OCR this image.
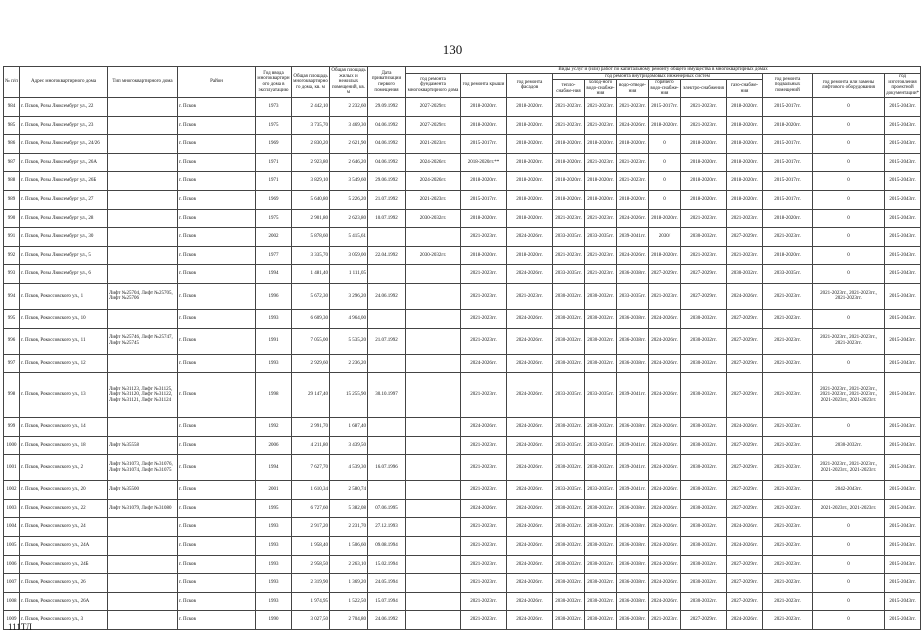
130
№ п/п	Адрес многоквартирного дома	Тип многоквартирного дома	Район	Год ввода многоквартирного дома в эксплуатацию	Общая площадь многоквартирного дома, кв. м	Общая площадь жилых и нежилых помещений, кв. м	Дата приватизации первого помещения	Виды услуг и (или) работ по капитальному ремонту общего имущества в многоквартирных домах											
								год ремонта фундамента многоквартирного дома	год ремонта крыши	год ремонта фасадов	год ремонта внутридомовых инженерных систем						год ремонта подвальных помещений	год ремонта или замены лифтового оборудования	год изготовления проектной документации*
											тепло-снабже-ния	холод-ного водо-снабже-ния	водо-отведе-ния	горячего водо-снабже-ния	электро-снабжения	газо-снабже-ния			
984	г. Псков, Розы Люксембург ул., 22		г. Псков	1973	2 442,10	2 232,60	29.09.1992	2027-2029гг.	2018-2020гг.	2018-2020гг.	2021-2023гг.	2021-2023гг.	2021-2023гг.	2015-2017гг.	2021-2023гг.	2018-2020гг.	2015-2017гг.	0	2015-2043гг.
985	г. Псков, Розы Люксембург ул., 23		г. Псков	1975	3 735,70	3 469,30	04.06.1992	2027-2029гг.	2018-2020гг.	2018-2020гг.	2021-2023гг.	2021-2023гг.	2024-2026гг.	2018-2020гг.	2021-2023гг.	2018-2020гг.	2018-2020гг.	0	2015-2043гг.
986	г. Псков, Розы Люксембург ул., 24/26		г. Псков	1969	2 830,20	2 621,90	04.06.1992	2021-2023гг.	2015-2017гг.	2018-2020гг.	2018-2020гг.	2018-2020гг.	2018-2020гг.	0	2018-2020гг.	2018-2020гг.	2015-2017гг.	0	2015-2043гг.
987	г. Псков, Розы Люксембург ул., 26А		г. Псков	1971	2 923,80	2 646,20	04.06.1992	2024-2026гг.	2018-2020гг.**	2018-2020гг.	2018-2020гг.	2021-2023гг.	2021-2023гг.	0	2018-2020гг.	2018-2020гг.	2015-2017гг.	0	2015-2043гг.
988	г. Псков, Розы Люксембург ул., 26Б		г. Псков	1971	3 829,10	3 549,60	29.06.1992	2024-2026гг.	2018-2020гг.	2018-2020гг.	2018-2020гг.	2018-2020гг.	2021-2023гг.	0	2018-2020гг.	2018-2020гг.	2015-2017гг.	0	2015-2043гг.
989	г. Псков, Розы Люксембург ул., 27		г. Псков	1969	5 640,80	5 226,20	21.07.1992	2021-2023гг.	2015-2017гг.	2018-2020гг.	2018-2020гг.	2018-2020гг.	2018-2020гг.	0	2018-2020гг.	2018-2020гг.	2015-2017гг.	0	2015-2043гг.
990	г. Псков, Розы Люксембург ул., 28		г. Псков	1975	2 901,80	2 623,80	10.07.1992	2030-2032гг.	2018-2020гг.	2018-2020гг.	2021-2023гг.	2021-2023гг.	2024-2026гг.	2018-2020гг.	2021-2023гг.	2021-2023гг.	2018-2020гг.	0	2015-2043гг.
991	г. Псков, Розы Люксембург ул., 30		г. Псков	2002	5 878,60	5 415,61			2021-2023гг.	2024-2026гг.	2033-2035гг.	2033-2035гг.	2039-2041гг.	2030/	2030-2032гг.	2027-2029гг.	2021-2023гг.	0	2015-2043гг.
992	г. Псков, Розы Люксембург ул., 5		г. Псков	1977	3 335,70	3 059,00	22.04.1992	2030-2032гг.	2018-2020гг.	2018-2020гг.	2021-2023гг.	2021-2023гг.	2024-2026гг.	2018-2020гг.	2021-2023гг.	2021-2023гг.	2018-2020гг.	0	2015-2043гг.
993	г. Псков, Розы Люксембург ул., 6		г. Псков	1994	1 481,40	1 111,05			2021-2023гг.	2024-2026гг.	2033-2035гг.	2021-2023гг.	2036-2038гг.	2027-2029гг.	2027-2029гг.	2030-2032гг.	2033-2035гг.	0	2015-2043гг.
994	г. Псков, Рокоссовского ул., 1	Лифт №25704, Лифт №25705, Лифт №25706	г. Псков	1996	5 672,30	3 296,20	24.06.1992		2021-2023гг.	2021-2023гг.	2030-2032гг.	2030-2032гг.	2033-2035гг.	2021-2023гг.	2027-2029гг.	2024-2026гг.	2021-2023гг.	2021-2023гг., 2021-2023гг., 2021-2023гг.	2015-2043гг.
995	г. Псков, Рокоссовского ул., 10		г. Псков	1993	6 609,30	4 964,00			2021-2023гг.	2024-2026гг.	2030-2032гг.	2030-2032гг.	2036-2038гг.	2024-2026гг.	2030-2032гг.	2027-2029гг.	2021-2023гг.	0	2015-2043гг.
996	г. Псков, Рокоссовского ул., 11	Лифт №25746, Лифт №25747, Лифт №25745	г. Псков	1991	7 055,00	5 535,20	21.07.1992		2021-2023гг.	2024-2026гг.	2030-2032гг.	2030-2032гг.	2036-2038гг.	2024-2026гг.	2030-2032гг.	2027-2029гг.	2021-2023гг.	2021-2023гг., 2021-2023гг., 2021-2023гг.	2015-2043гг.
997	г. Псков, Рокоссовского ул., 12		г. Псков	1993	2 929,60	2 236,20			2024-2026гг.	2024-2026гг.	2030-2032гг.	2030-2032гг.	2036-2038гг.	2024-2026гг.	2030-2032гг.	2027-2029гг.	2021-2023гг.	0	2015-2043гг.
998	г. Псков, Рокоссовского ул., 13	Лифт №31123, Лифт №31125, Лифт №31120, Лифт №31122, Лифт №31121, Лифт №31124	г. Псков	1998	29 147,40	15 255,90	30.10.1997		2021-2023гг.	2024-2026гг.	2033-2035гг.	2033-2035гг.	2039-2041гг.	2024-2026гг.	2030-2032гг.	2027-2029гг.	2021-2023гг.	2021-2023гг., 2021-2023гг., 2021-2023гг., 2021-2023гг., 2021-2023гг., 2021-2023гг.	2015-2043гг.
999	г. Псков, Рокоссовского ул., 14		г. Псков	1992	2 991,70	1 687,40			2024-2026гг.	2024-2026гг.	2030-2032гг.	2030-2032гг.	2036-2038гг.	2024-2026гг.	2030-2032гг.	2024-2026гг.	2021-2023гг.	0	2015-2043гг.
1000	г. Псков, Рокоссовского ул., 18	Лифт №35558	г. Псков	2006	4 211,80	3 439,50			2021-2023гг.	2024-2026гг.	2033-2035гг.	2033-2035гг.	2039-2041гг.	2024-2026гг.	2030-2032гг.	2027-2029гг.	2021-2023гг.	2030-2032гг.	2015-2043гг.
1001	г. Псков, Рокоссовского ул., 2	Лифт №31073, Лифт №31076, Лифт №31074, Лифт №31075	г. Псков	1994	7 627,70	4 539,30	16.07.1996		2021-2023гг.	2024-2026гг.	2030-2032гг.	2030-2032гг.	2039-2041гг.	2024-2026гг.	2030-2032гг.	2027-2029гг.	2021-2023гг.	2021-2023гг., 2021-2023гг., 2021-2023гг., 2021-2023гг.	2015-2043гг.
1002	г. Псков, Рокоссовского ул., 20	Лифт №35500	г. Псков	2001	1 610,34	2 580,74			2021-2023гг.	2024-2026гг.	2033-2035гг.	2033-2035гг.	2039-2041гг.	2024-2026гг.	2030-2032гг.	2027-2029гг.	2021-2023гг.	2042-2043гг.	2015-2043гг.
1003	г. Псков, Рокоссовского ул., 22	Лифт №31079, Лифт №31080	г. Псков	1995	6 727,60	5 382,08	07.06.1995		2024-2026гг.	2024-2026гг.	2030-2032гг.	2030-2032гг.	2036-2038гг.	2024-2026гг.	2030-2032гг.	2027-2029гг.	2021-2023гг.	2021-2023гг., 2021-2023гг.	2015-2043гг.
1004	г. Псков, Рокоссовского ул., 24		г. Псков	1993	2 917,20	2 231,70	27.12.1993		2021-2023гг.	2024-2026гг.	2030-2032гг.	2030-2032гг.	2036-2038гг.	2024-2026гг.	2030-2032гг.	2024-2026гг.	2021-2023гг.	0	2015-2043гг.
1005	г. Псков, Рокоссовского ул., 24А		г. Псков	1993	1 958,40	1 506,60	09.08.1994		2021-2023гг.	2024-2026гг.	2030-2032гг.	2030-2032гг.	2036-2038гг.	2024-2026гг.	2030-2032гг.	2024-2026гг.	2021-2023гг.	0	2015-2043гг.
1006	г. Псков, Рокоссовского ул., 24Б		г. Псков	1993	2 958,50	2 263,10	15.02.1994		2021-2023гг.	2024-2026гг.	2030-2032гг.	2030-2032гг.	2036-2038гг.	2024-2026гг.	2030-2032гг.	2027-2029гг.	2021-2023гг.	0	2015-2043гг.
1007	г. Псков, Рокоссовского ул., 26		г. Псков	1993	2 319,90	1 369,20	24.05.1994		2021-2023гг.	2024-2026гг.	2030-2032гг.	2030-2032гг.	2036-2038гг.	2024-2026гг.	2030-2032гг.	2027-2029гг.	2021-2023гг.	0	2015-2043гг.
1008	г. Псков, Рокоссовского ул., 26А		г. Псков	1993	1 974,95	1 522,50	15.07.1994		2021-2023гг.	2024-2026гг.	2030-2032гг.	2030-2032гг.	2036-2038гг.	2024-2026гг.	2030-2032гг.	2027-2029гг.	2021-2023гг.	0	2015-2043гг.
1009	г. Псков, Рокоссовского ул., 3		г. Псков	1990	3 027,50	2 704,80	24.06.1992		2021-2023гг.	2024-2026гг.	2030-2032гг.	2030-2032гг.	2036-2038гг.	2021-2023гг.	2027-2029гг.	2024-2026гг.	2021-2023гг.	0	2015-2043гг.
111ТЛ
